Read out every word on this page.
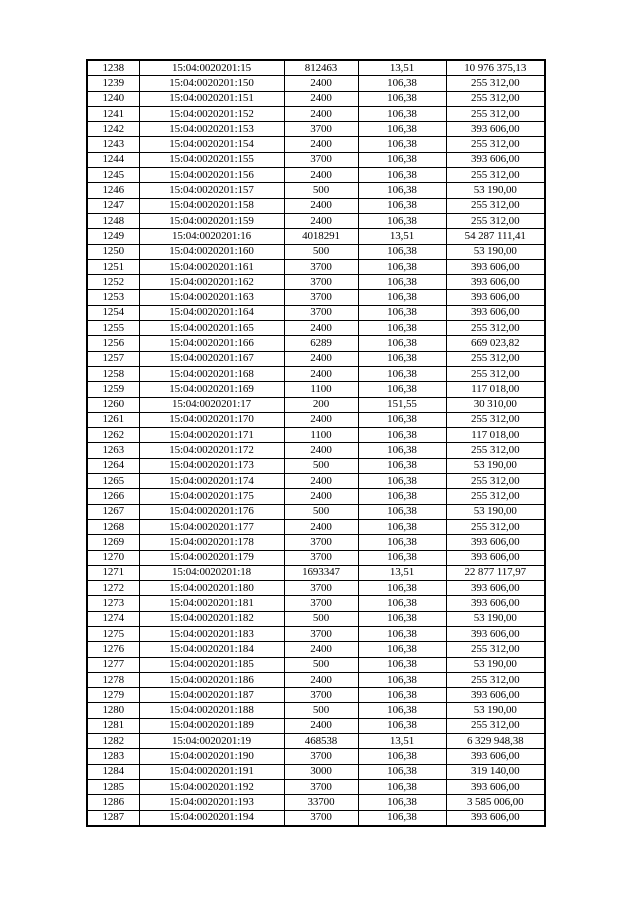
1238	15:04:0020201:15	812463	13,51	10 976 375,13
1239	15:04:0020201:150	2400	106,38	255 312,00
1240	15:04:0020201:151	2400	106,38	255 312,00
1241	15:04:0020201:152	2400	106,38	255 312,00
1242	15:04:0020201:153	3700	106,38	393 606,00
1243	15:04:0020201:154	2400	106,38	255 312,00
1244	15:04:0020201:155	3700	106,38	393 606,00
1245	15:04:0020201:156	2400	106,38	255 312,00
1246	15:04:0020201:157	500	106,38	53 190,00
1247	15:04:0020201:158	2400	106,38	255 312,00
1248	15:04:0020201:159	2400	106,38	255 312,00
1249	15:04:0020201:16	4018291	13,51	54 287 111,41
1250	15:04:0020201:160	500	106,38	53 190,00
1251	15:04:0020201:161	3700	106,38	393 606,00
1252	15:04:0020201:162	3700	106,38	393 606,00
1253	15:04:0020201:163	3700	106,38	393 606,00
1254	15:04:0020201:164	3700	106,38	393 606,00
1255	15:04:0020201:165	2400	106,38	255 312,00
1256	15:04:0020201:166	6289	106,38	669 023,82
1257	15:04:0020201:167	2400	106,38	255 312,00
1258	15:04:0020201:168	2400	106,38	255 312,00
1259	15:04:0020201:169	1100	106,38	117 018,00
1260	15:04:0020201:17	200	151,55	30 310,00
1261	15:04:0020201:170	2400	106,38	255 312,00
1262	15:04:0020201:171	1100	106,38	117 018,00
1263	15:04:0020201:172	2400	106,38	255 312,00
1264	15:04:0020201:173	500	106,38	53 190,00
1265	15:04:0020201:174	2400	106,38	255 312,00
1266	15:04:0020201:175	2400	106,38	255 312,00
1267	15:04:0020201:176	500	106,38	53 190,00
1268	15:04:0020201:177	2400	106,38	255 312,00
1269	15:04:0020201:178	3700	106,38	393 606,00
1270	15:04:0020201:179	3700	106,38	393 606,00
1271	15:04:0020201:18	1693347	13,51	22 877 117,97
1272	15:04:0020201:180	3700	106,38	393 606,00
1273	15:04:0020201:181	3700	106,38	393 606,00
1274	15:04:0020201:182	500	106,38	53 190,00
1275	15:04:0020201:183	3700	106,38	393 606,00
1276	15:04:0020201:184	2400	106,38	255 312,00
1277	15:04:0020201:185	500	106,38	53 190,00
1278	15:04:0020201:186	2400	106,38	255 312,00
1279	15:04:0020201:187	3700	106,38	393 606,00
1280	15:04:0020201:188	500	106,38	53 190,00
1281	15:04:0020201:189	2400	106,38	255 312,00
1282	15:04:0020201:19	468538	13,51	6 329 948,38
1283	15:04:0020201:190	3700	106,38	393 606,00
1284	15:04:0020201:191	3000	106,38	319 140,00
1285	15:04:0020201:192	3700	106,38	393 606,00
1286	15:04:0020201:193	33700	106,38	3 585 006,00
1287	15:04:0020201:194	3700	106,38	393 606,00
